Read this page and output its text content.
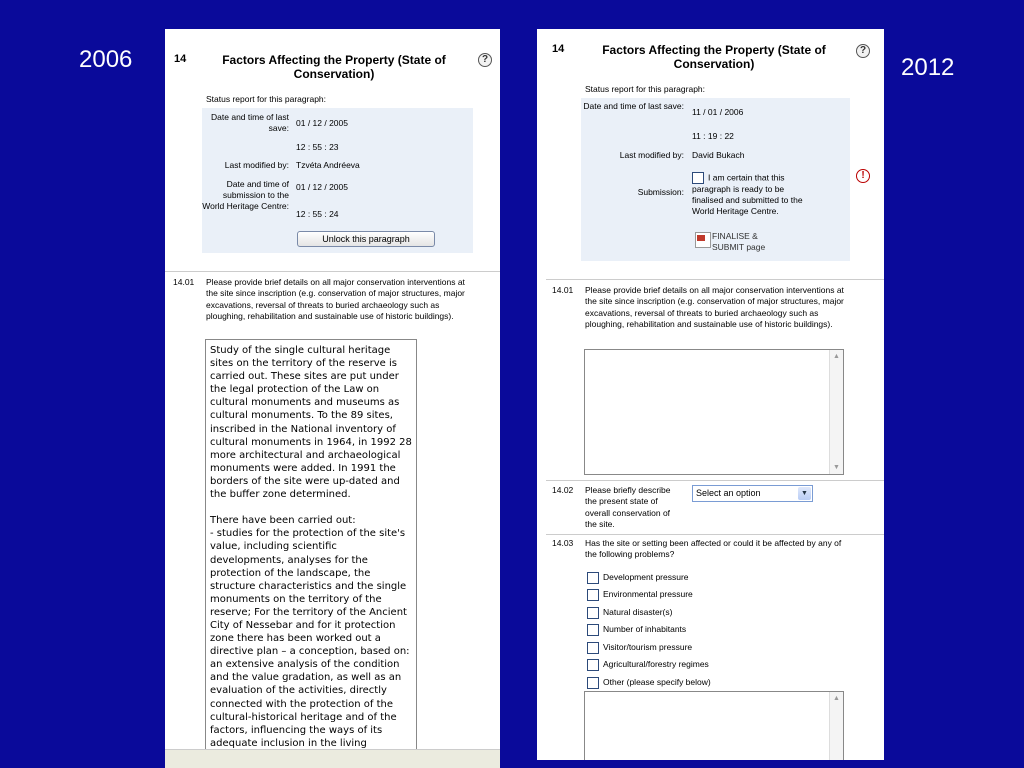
2006	2012
14	Factors Affecting the Property (State of Conservation)
?
Status report for this paragraph:
Date and time of last save: 01 / 12 / 2005
12 : 55 : 23
Last modified by: Tzvéta Andréeva
Date and time of submission to the World Heritage Centre:
01 / 12 / 2005
12 : 55 : 24
Unlock this paragraph
14.01 Please provide brief details on all major conservation interventions at the site since inscription (e.g. conservation of major structures, major excavations, reversal of threats to buried archaeology such as ploughing, rehabilitation and sustainable use of historic buildings).
Study of the single cultural heritage sites on the territory of the reserve is carried out. These sites are put under the legal protection of the Law on cultural monuments and museums as cultural monuments. To the 89 sites, inscribed in the National inventory of cultural monuments in 1964, in 1992 28 more architectural and archaeological monuments were added. In 1991 the borders of the site were up-dated and the buffer zone determined.

There have been carried out:
- studies for the protection of the site's value, including scientific developments, analyses for the protection of the landscape, the structure characteristics and the single monuments on the territory of the reserve; For the territory of the Ancient City of Nessebar and for it protection zone there has been worked out a directive plan – a conception, based on: an extensive analysis of the condition and the value gradation, as well as an evaluation of the activities, directly connected with the protection of the cultural-historical heritage and of the factors, influencing the ways of its adequate inclusion in the living
14	Factors Affecting the Property (State of Conservation)
?
Status report for this paragraph:
Date and time of last save:
11 / 01 / 2006
11 : 19 : 22
Last modified by: David Bukach
Submission:
I am certain that this paragraph is ready to be finalised and submitted to the World Heritage Centre.
FINALISE & SUBMIT page
!
14.01 Please provide brief details on all major conservation interventions at the site since inscription (e.g. conservation of major structures, major excavations, reversal of threats to buried archaeology such as ploughing, rehabilitation and sustainable use of historic buildings).
▲
▼
14.02 Please briefly describe the present state of overall conservation of the site.
Select an option	▼
14.03 Has the site or setting been affected or could it be affected by any of the following problems?
Development pressure
Environmental pressure
Natural disaster(s)
Number of inhabitants
Visitor/tourism pressure
Agricultural/forestry regimes
Other (please specify below)
▲
